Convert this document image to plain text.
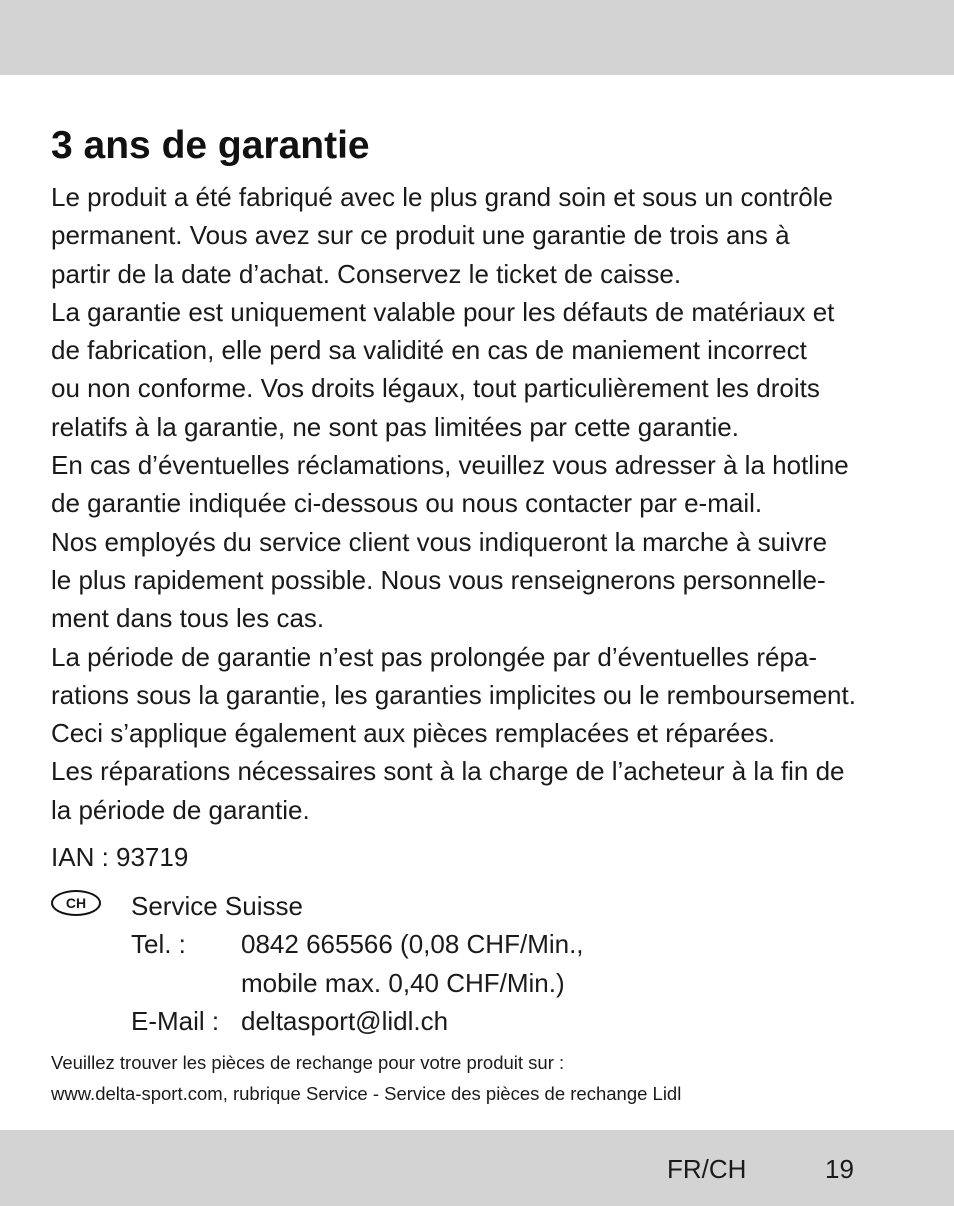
3 ans de garantie
Le produit a été fabriqué avec le plus grand soin et sous un contrôle
permanent. Vous avez sur ce produit une garantie de trois ans à
partir de la date d’achat. Conservez le ticket de caisse.
La garantie est uniquement valable pour les défauts de matériaux et
de fabrication, elle perd sa validité en cas de maniement incorrect
ou non conforme. Vos droits légaux, tout particulièrement les droits
relatifs à la garantie, ne sont pas limitées par cette garantie.
En cas d’éventuelles réclamations, veuillez vous adresser à la hotline
de garantie indiquée ci-dessous ou nous contacter par e-mail.
Nos employés du service client vous indiqueront la marche à suivre
le plus rapidement possible. Nous vous renseignerons personnelle-
ment dans tous les cas.
La période de garantie n’est pas prolongée par d’éventuelles répa-
rations sous la garantie, les garanties implicites ou le remboursement.
Ceci s’applique également aux pièces remplacées et réparées.
Les réparations nécessaires sont à la charge de l’acheteur à la fin de
la période de garantie.
IAN : 93719
CH	Service Suisse
Tel. : 0842 665566 (0,08 CHF/Min.,
mobile max. 0,40 CHF/Min.)
E-Mail : deltasport@lidl.ch
Veuillez trouver les pièces de rechange pour votre produit sur :
www.delta-sport.com, rubrique Service - Service des pièces de rechange Lidl
FR/CH	19
